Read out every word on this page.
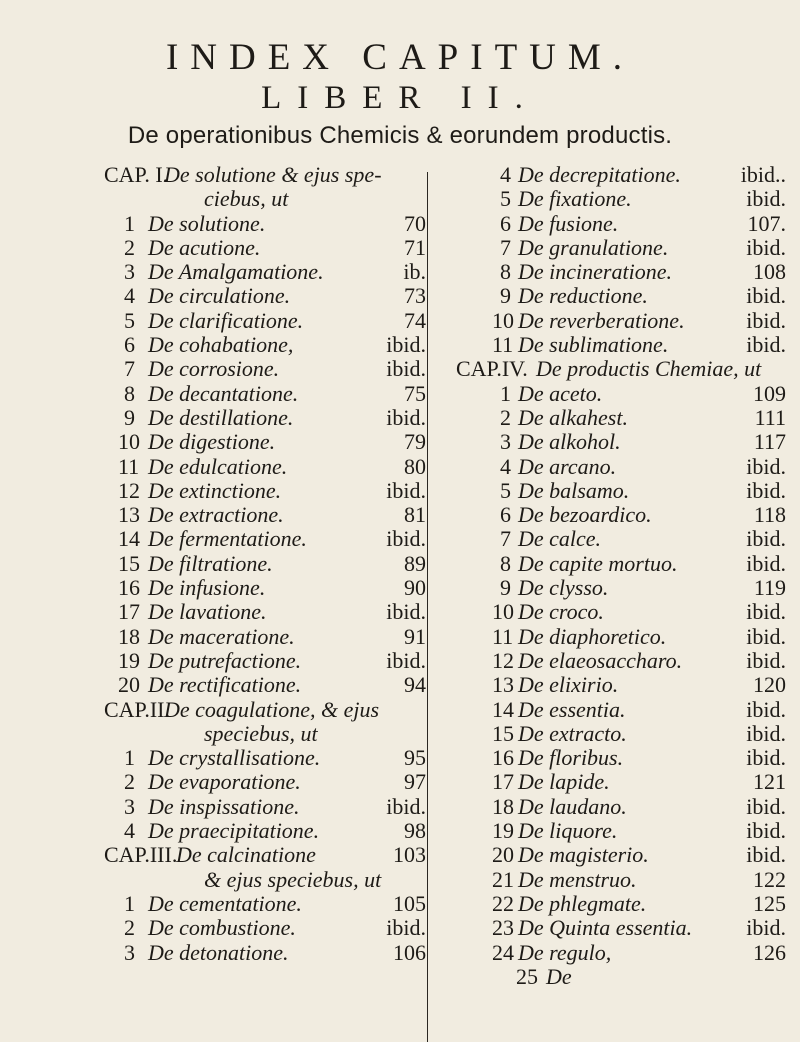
INDEX CAPITUM.
LIBER II.
De operationibus Chemicis & eorundem productis.
CAP. I.
De solutione & ejus spe-
ciebus, ut
1 De solutione.	70
2 De acutione.	71
3 De Amalgamatione.	ib.
4 De circulatione.	73
5 De clarificatione.	74
6 De cohabatione,	ibid.
7 De corrosione.	ibid.
8 De decantatione.	75
9 De destillatione.	ibid.
10 De digestione.	79
11 De edulcatione.	80
12 De extinctione.	ibid.
13 De extractione.	81
14 De fermentatione.	ibid.
15 De filtratione.	89
16 De infusione.	90
17 De lavatione.	ibid.
18 De maceratione.	91
19 De putrefactione.	ibid.
20 De rectificatione.	94
CAP.II.
De coagulatione, & ejus
speciebus, ut
1 De crystallisatione.	95
2 De evaporatione.	97
3 De inspissatione.	ibid.
4 De praecipitatione.	98
CAP.III.
De calcinatione	103
& ejus speciebus, ut
1 De cementatione.	105
2 De combustione.	ibid.
3 De detonatione.	106
4 De decrepitatione.	ibid..
5 De fixatione.	ibid.
6 De fusione.	107.
7 De granulatione.	ibid.
8 De incineratione.	108
9 De reductione.	ibid.
10 De reverberatione.	ibid.
11 De sublimatione.	ibid.
CAP.IV. De productis Chemiae, ut
1 De aceto.	109
2 De alkahest.	111
3 De alkohol.	117
4 De arcano.	ibid.
5 De balsamo.	ibid.
6 De bezoardico.	118
7 De calce.	ibid.
8 De capite mortuo.	ibid.
9 De clysso.	119
10 De croco.	ibid.
11 De diaphoretico.	ibid.
12 De elaeosaccharo.	ibid.
13 De elixirio.	120
14 De essentia.	ibid.
15 De extracto.	ibid.
16 De floribus.	ibid.
17 De lapide.	121
18 De laudano.	ibid.
19 De liquore.	ibid.
20 De magisterio.	ibid.
21 De menstruo.	122
22 De phlegmate.	125
23 De Quinta essentia. ibid.
24 De regulo,	126
25 De
